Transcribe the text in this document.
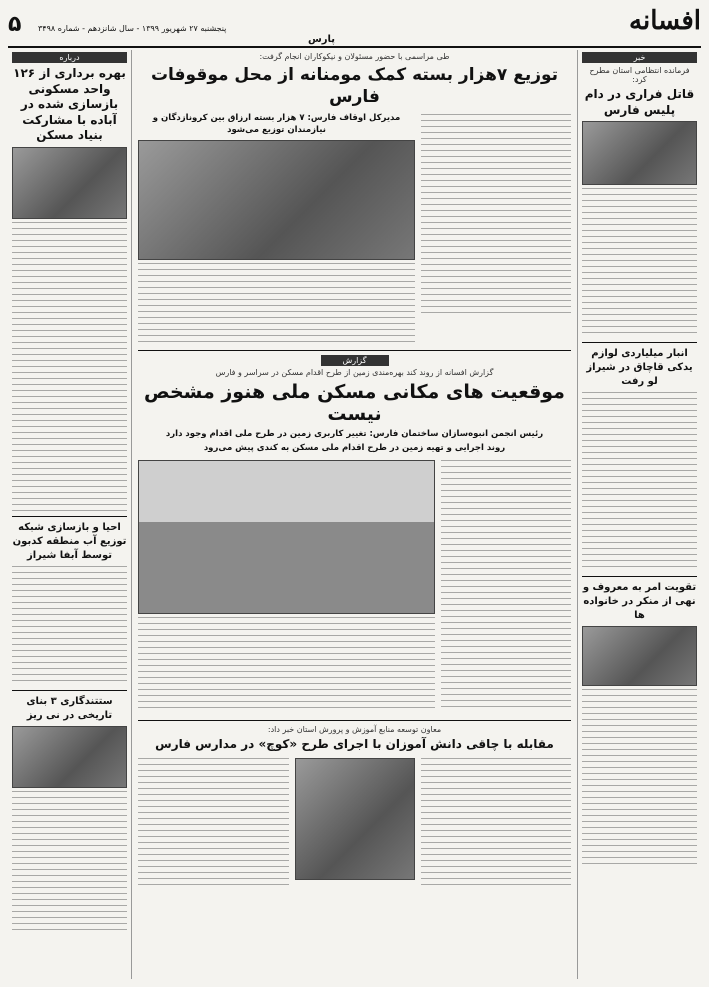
افسانه
پارس
پنجشنبه ۲۷ شهریور ۱۳۹۹ - سال شانزدهم - شماره ۳۴۹۸
۵
خبر
فرمانده انتظامی استان مطرح کرد:
قاتل فراری در دام پلیس فارس
انبار میلیاردی لوازم یدکی قاچاق در شیراز لو رفت
تقویت امر به معروف و نهی از منکر در خانواده ها
طی مراسمی با حضور مسئولان و نیکوکاران انجام گرفت:
توزیع ۷هزار بسته کمک مومنانه از محل موقوفات فارس
مدیرکل اوقاف فارس: ۷ هزار بسته ارزاق بین کرونازدگان و نیازمندان توزیع می‌شود
گزارش
گزارش افسانه از روند کند بهره‌مندی زمین از طرح اقدام مسکن در سراسر و فارس
موقعیت های مکانی مسکن ملی هنوز مشخص نیست
رئیس انجمن انبوه‌سازان ساختمان فارس: تغییر کاربری زمین در طرح ملی اقدام وجود دارد
روند اجرایی و تهیه زمین در طرح اقدام ملی مسکن به کندی پیش می‌رود
معاون توسعه منابع آموزش و پرورش استان خبر داد:
مقابله با چاقی دانش آموزان با اجرای طرح «کوچ» در مدارس فارس
درباره
بهره برداری از ۱۲۶ واحد مسکونی بازسازی شده در آباده با مشارکت بنیاد مسکن
احیا و بازسازی شبکه توزیع آب منطقه کدبون توسط آبفا شیراز
ستتندگاری ۳ بنای تاریخی در نی ریز
